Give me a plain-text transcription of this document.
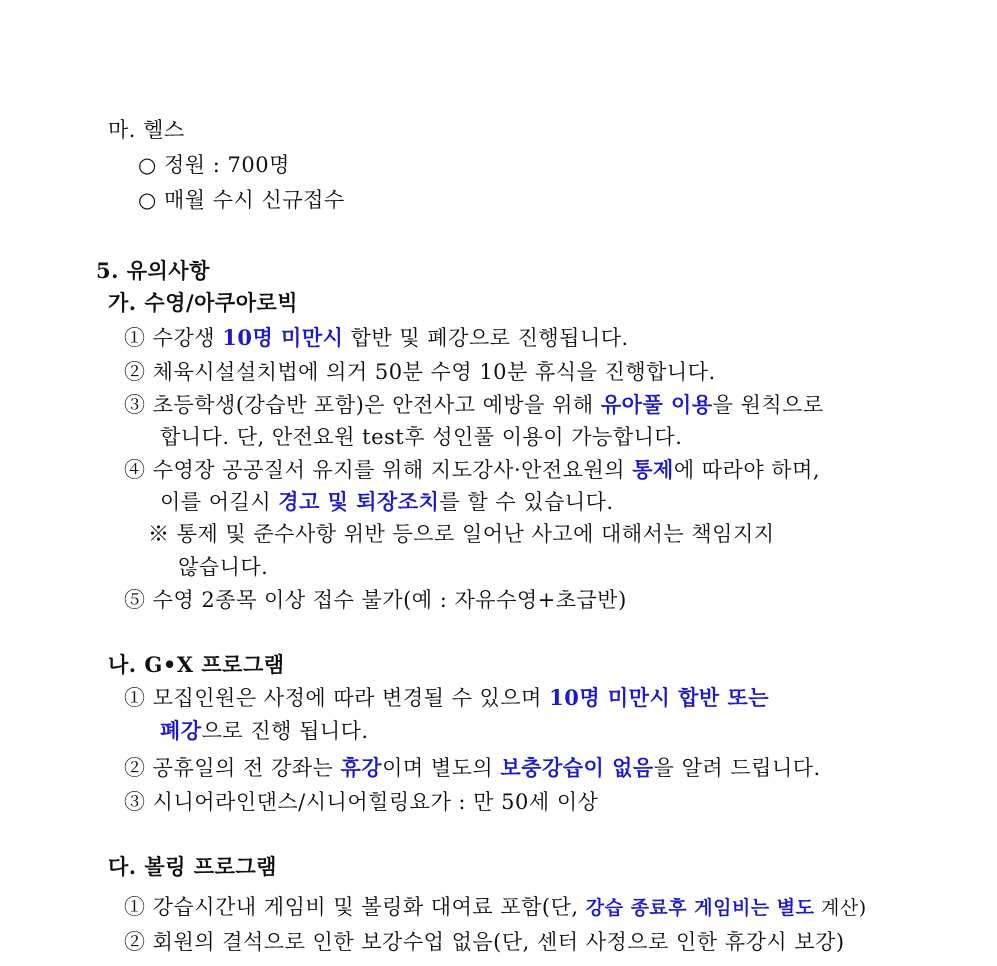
마. 헬스
○ 정원 : 700명
○ 매월 수시 신규접수
5. 유의사항
가. 수영/아쿠아로빅
① 수강생 10명 미만시 합반 및 폐강으로 진행됩니다.
② 체육시설설치법에 의거 50분 수영 10분 휴식을 진행합니다.
③ 초등학생(강습반 포함)은 안전사고 예방을 위해 유아풀 이용을 원칙으로
합니다. 단, 안전요원 test후 성인풀 이용이 가능합니다.
④ 수영장 공공질서 유지를 위해 지도강사·안전요원의 통제에 따라야 하며,
이를 어길시 경고 및 퇴장조치를 할 수 있습니다.
※ 통제 및 준수사항 위반 등으로 일어난 사고에 대해서는 책임지지
않습니다.
⑤ 수영 2종목 이상 접수 불가(예 : 자유수영+초급반)
나. G•X 프로그램
① 모집인원은 사정에 따라 변경될 수 있으며 10명 미만시 합반 또는
폐강으로 진행 됩니다.
② 공휴일의 전 강좌는 휴강이며 별도의 보충강습이 없음을 알려 드립니다.
③ 시니어라인댄스/시니어힐링요가 : 만 50세 이상
다. 볼링 프로그램
① 강습시간내 게임비 및 볼링화 대여료 포함(단, 강습 종료후 게임비는 별도 계산)
② 회원의 결석으로 인한 보강수업 없음(단, 센터 사정으로 인한 휴강시 보강)
